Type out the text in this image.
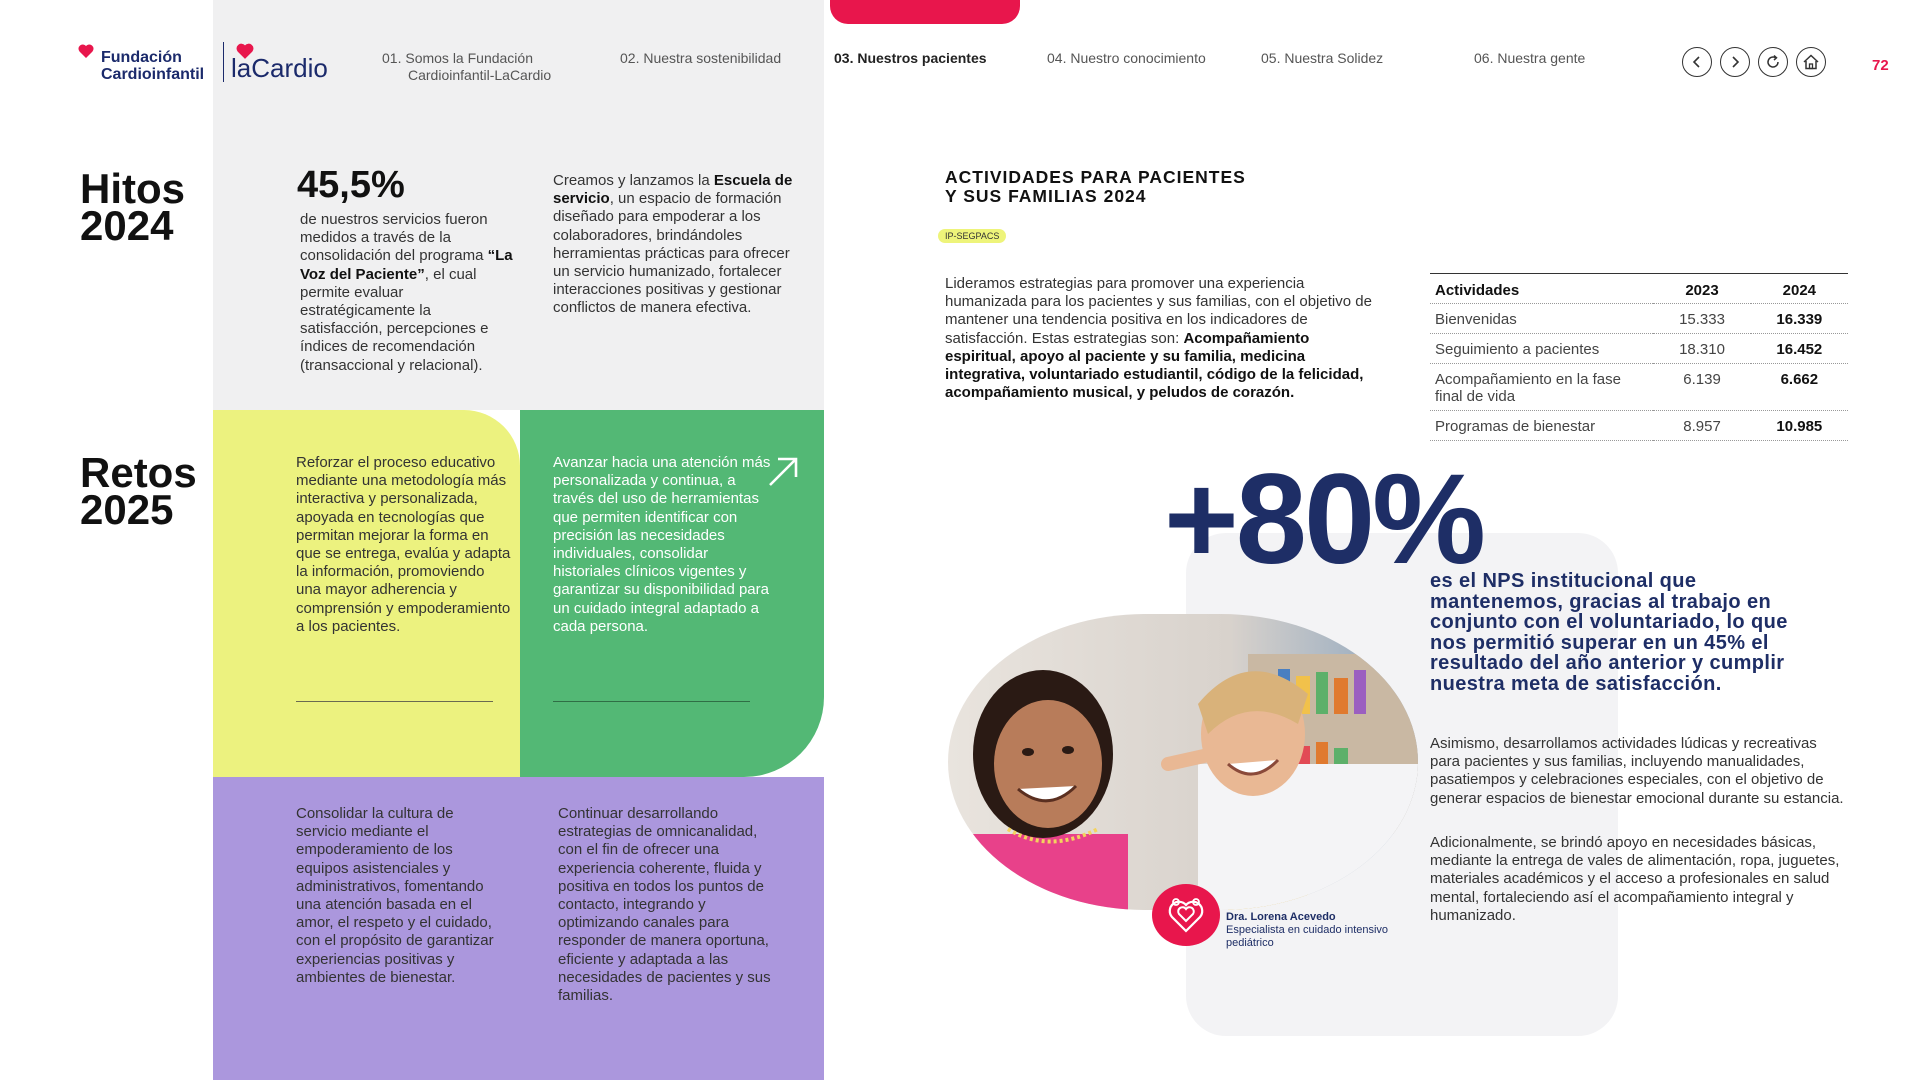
Fundación
Cardioinfantil laCardio	01. Somos la Fundación
Cardioinfantil-LaCardio
02. Nuestra sostenibilidad	03. Nuestros pacientes	04. Nuestro conocimiento	05. Nuestra Solidez	06. Nuestra gente	72
Hitos
2024
45,5%
de nuestros servicios fueron medidos a través de la consolidación del programa “La Voz del Paciente”, el cual permite evaluar estratégicamente la satisfacción, percepciones e índices de recomendación (transaccional y relacional).
Creamos y lanzamos la Escuela de servicio, un espacio de formación diseñado para empoderar a los colaboradores, brindándoles herramientas prácticas para ofrecer un servicio humanizado, fortalecer interacciones positivas y gestionar conflictos de manera efectiva.
Retos
2025
Reforzar el proceso educativo mediante una metodología más interactiva y personalizada, apoyada en tecnologías que permitan mejorar la forma en que se entrega, evalúa y adapta la información, promoviendo una mayor adherencia y comprensión y empoderamiento a los pacientes.
Avanzar hacia una atención más personalizada y continua, a través del uso de herramientas que permiten identificar con precisión las necesidades individuales, consolidar historiales clínicos vigentes y garantizar su disponibilidad para un cuidado integral adaptado a cada persona.
Consolidar la cultura de servicio mediante el empoderamiento de los equipos asistenciales y administrativos, fomentando una atención basada en el amor, el respeto y el cuidado, con el propósito de garantizar experiencias positivas y ambientes de bienestar.
Continuar desarrollando estrategias de omnicanalidad, con el fin de ofrecer una experiencia coherente, fluida y positiva en todos los puntos de contacto, integrando y optimizando canales para responder de manera oportuna, eficiente y adaptada a las necesidades de pacientes y sus familias.
ACTIVIDADES PARA PACIENTES
Y SUS FAMILIAS 2024
IP-SEGPACS
Lideramos estrategias para promover una experiencia humanizada para los pacientes y sus familias, con el objetivo de mantener una tendencia positiva en los indicadores de satisfacción. Estas estrategias son: Acompañamiento espiritual, apoyo al paciente y su familia, medicina integrativa, voluntariado estudiantil, código de la felicidad, acompañamiento musical, y peludos de corazón.
Actividades	2023	2024
Bienvenidas	15.333	16.339
Seguimiento a pacientes	18.310	16.452
Acompañamiento en la fase final de vida	6.139	6.662
Programas de bienestar	8.957	10.985
+80%
es el NPS institucional que mantenemos, gracias al trabajo en conjunto con el voluntariado, lo que nos permitió superar en un 45% el resultado del año anterior y cumplir nuestra meta de satisfacción.
Dra. Lorena Acevedo
Especialista en cuidado intensivo pediátrico
Asimismo, desarrollamos actividades lúdicas y recreativas para pacientes y sus familias, incluyendo manualidades, pasatiempos y celebraciones especiales, con el objetivo de generar espacios de bienestar emocional durante su estancia.
Adicionalmente, se brindó apoyo en necesidades básicas, mediante la entrega de vales de alimentación, ropa, juguetes, materiales académicos y el acceso a profesionales en salud mental, fortaleciendo así el acompañamiento integral y humanizado.
